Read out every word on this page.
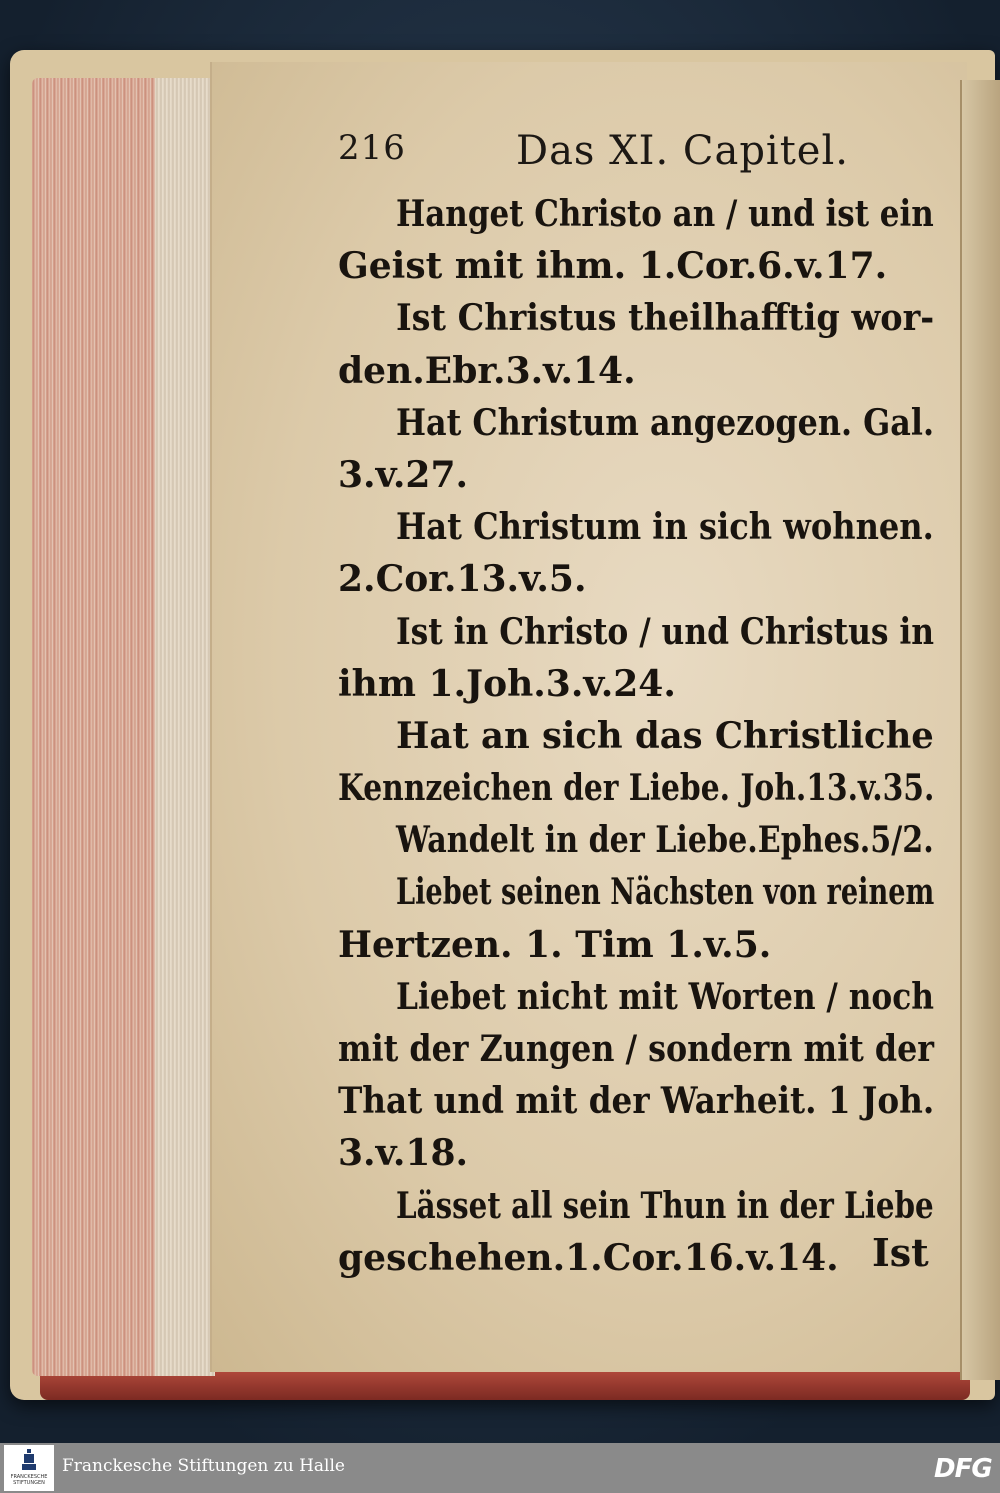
216	Das XI. Capitel.
Hanget Christo an / und ist ein
Geist mit ihm. 1.Cor.6.v.17.
Ist Christus theilhafftig wor-
den.Ebr.3.v.14.
Hat Christum angezogen. Gal.
3.v.27.
Hat Christum in sich wohnen.
2.Cor.13.v.5.
Ist in Christo / und Christus in
ihm 1.Joh.3.v.24.
Hat an sich das Christliche
Kennzeichen der Liebe. Joh.13.v.35.
Wandelt in der Liebe.Ephes.5/2.
Liebet seinen Nächsten von reinem
Hertzen. 1. Tim 1.v.5.
Liebet nicht mit Worten / noch
mit der Zungen / sondern mit der
That und mit der Warheit. 1 Joh.
3.v.18.
Lässet all sein Thun in der Liebe
geschehen.1.Cor.16.v.14. Ist
FRANCKESCHE STIFTUNGEN
Franckesche Stiftungen zu Halle	DFG
